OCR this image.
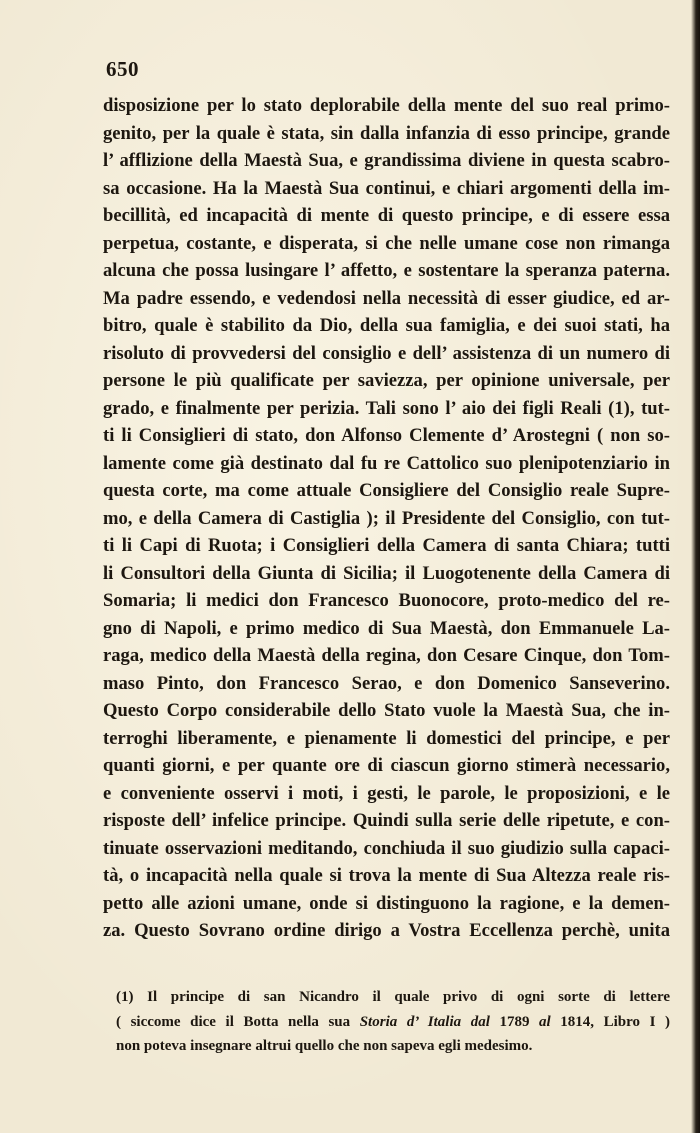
650
disposizione per lo stato deplorabile della mente del suo real primo-
genito, per la quale è stata, sin dalla infanzia di esso principe, grande
l’ afflizione della Maestà Sua, e grandissima diviene in questa scabro-
sa occasione. Ha la Maestà Sua continui, e chiari argomenti della im-
becillità, ed incapacità di mente di questo principe, e di essere essa
perpetua, costante, e disperata, si che nelle umane cose non rimanga
alcuna che possa lusingare l’ affetto, e sostentare la speranza paterna.
Ma padre essendo, e vedendosi nella necessità di esser giudice, ed ar-
bitro, quale è stabilito da Dio, della sua famiglia, e dei suoi stati, ha
risoluto di provvedersi del consiglio e dell’ assistenza di un numero di
persone le più qualificate per saviezza, per opinione universale, per
grado, e finalmente per perizia. Tali sono l’ aio dei figli Reali (1), tut-
ti li Consiglieri di stato, don Alfonso Clemente d’ Arostegni ( non so-
lamente come già destinato dal fu re Cattolico suo plenipotenziario in
questa corte, ma come attuale Consigliere del Consiglio reale Supre-
mo, e della Camera di Castiglia ); il Presidente del Consiglio, con tut-
ti li Capi di Ruota; i Consiglieri della Camera di santa Chiara; tutti
li Consultori della Giunta di Sicilia; il Luogotenente della Camera di
Somaria; li medici don Francesco Buonocore, proto-medico del re-
gno di Napoli, e primo medico di Sua Maestà, don Emmanuele La-
raga, medico della Maestà della regina, don Cesare Cinque, don Tom-
maso Pinto, don Francesco Serao, e don Domenico Sanseverino.
Questo Corpo considerabile dello Stato vuole la Maestà Sua, che in-
terroghi liberamente, e pienamente li domestici del principe, e per
quanti giorni, e per quante ore di ciascun giorno stimerà necessario,
e conveniente osservi i moti, i gesti, le parole, le proposizioni, e le
risposte dell’ infelice principe. Quindi sulla serie delle ripetute, e con-
tinuate osservazioni meditando, conchiuda il suo giudizio sulla capaci-
tà, o incapacità nella quale si trova la mente di Sua Altezza reale ris-
petto alle azioni umane, onde si distinguono la ragione, e la demen-
za. Questo Sovrano ordine dirigo a Vostra Eccellenza perchè, unita
(1) Il principe di san Nicandro il quale privo di ogni sorte di lettere
( siccome dice il Botta nella sua Storia d’ Italia dal 1789 al 1814, Libro I )
non poteva insegnare altrui quello che non sapeva egli medesimo.
